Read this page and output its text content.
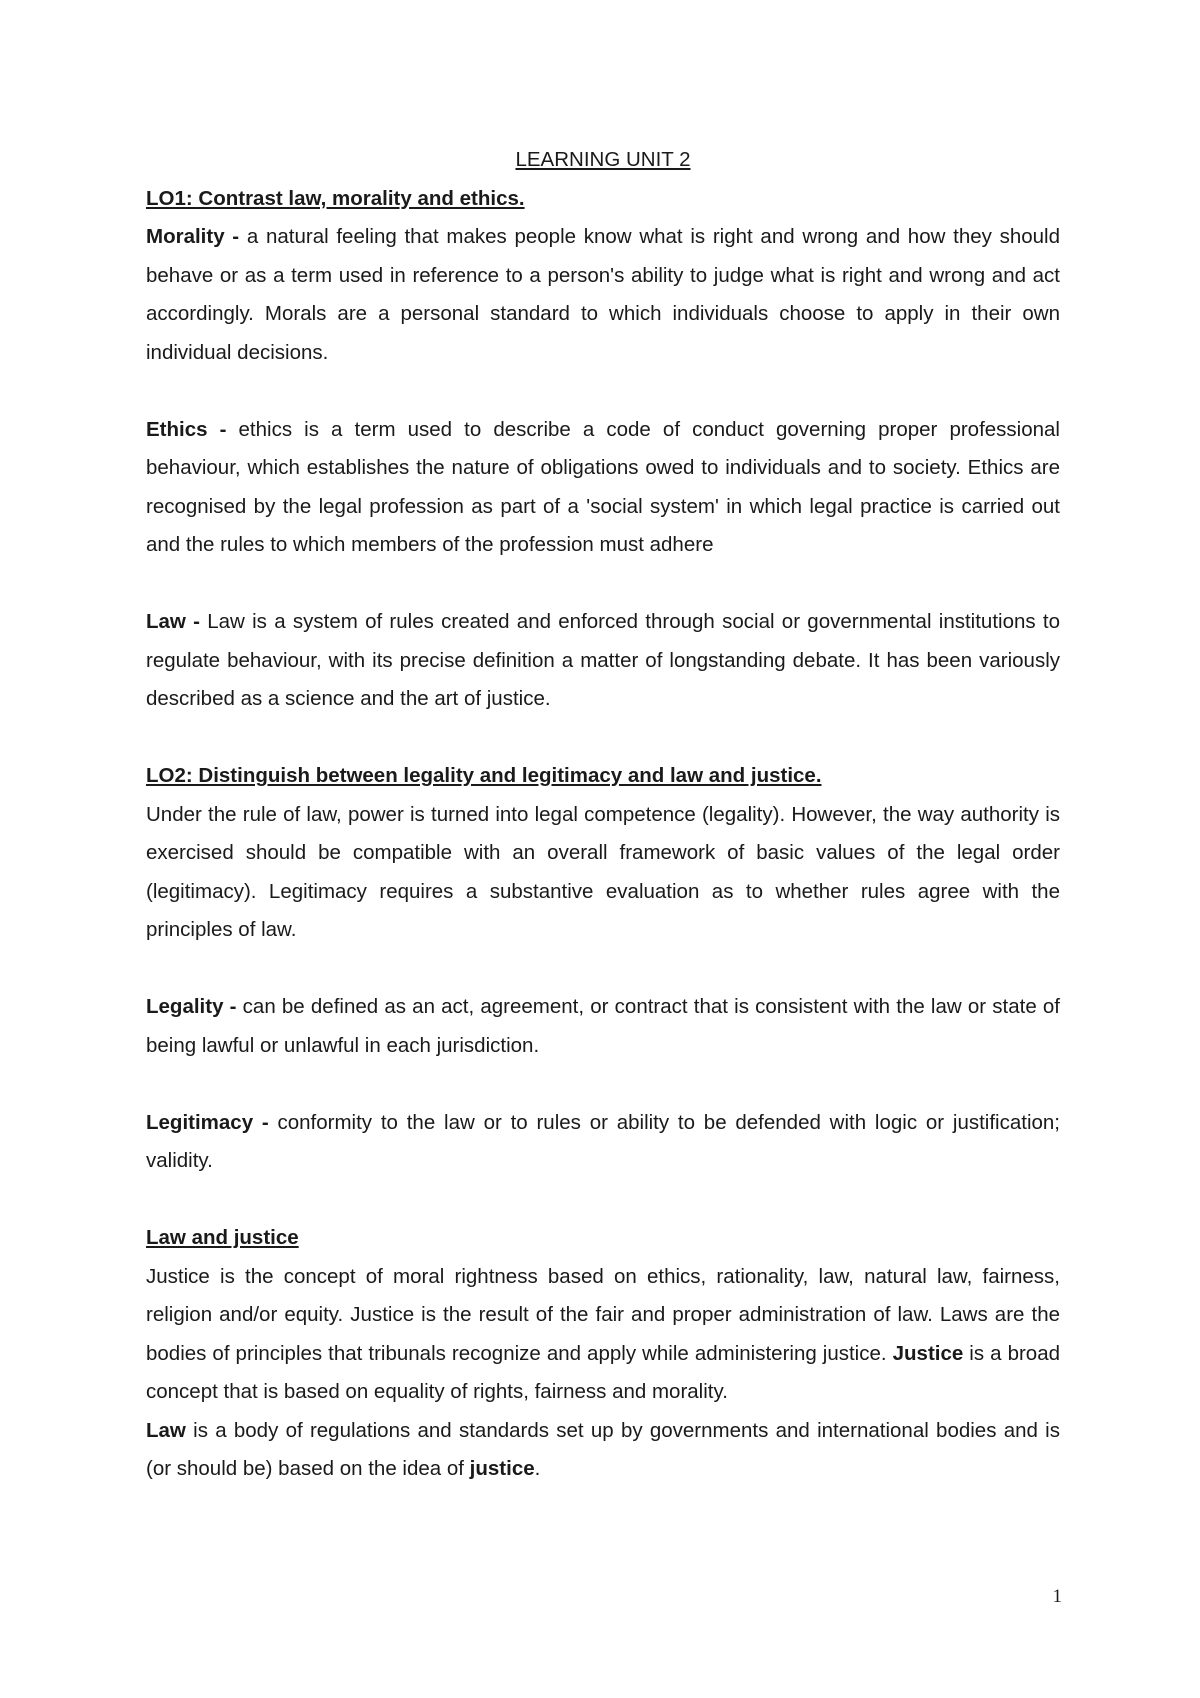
LEARNING UNIT 2
LO1: Contrast law, morality and ethics.

Morality - a natural feeling that makes people know what is right and wrong and how they should behave or as a term used in reference to a person's ability to judge what is right and wrong and act accordingly. Morals are a personal standard to which individuals choose to apply in their own individual decisions.

Ethics - ethics is a term used to describe a code of conduct governing proper professional behaviour, which establishes the nature of obligations owed to individuals and to society. Ethics are recognised by the legal profession as part of a 'social system' in which legal practice is carried out and the rules to which members of the profession must adhere

Law - Law is a system of rules created and enforced through social or governmental institutions to regulate behaviour, with its precise definition a matter of longstanding debate. It has been variously described as a science and the art of justice.

LO2: Distinguish between legality and legitimacy and law and justice.

Under the rule of law, power is turned into legal competence (legality). However, the way authority is exercised should be compatible with an overall framework of basic values of the legal order (legitimacy). Legitimacy requires a substantive evaluation as to whether rules agree with the principles of law.

Legality - can be defined as an act, agreement, or contract that is consistent with the law or state of being lawful or unlawful in each jurisdiction.

Legitimacy - conformity to the law or to rules or ability to be defended with logic or justification; validity.

Law and justice

Justice is the concept of moral rightness based on ethics, rationality, law, natural law, fairness, religion and/or equity. Justice is the result of the fair and proper administration of law. Laws are the bodies of principles that tribunals recognize and apply while administering justice. Justice is a broad concept that is based on equality of rights, fairness and morality.

Law is a body of regulations and standards set up by governments and international bodies and is (or should be) based on the idea of justice.

1
